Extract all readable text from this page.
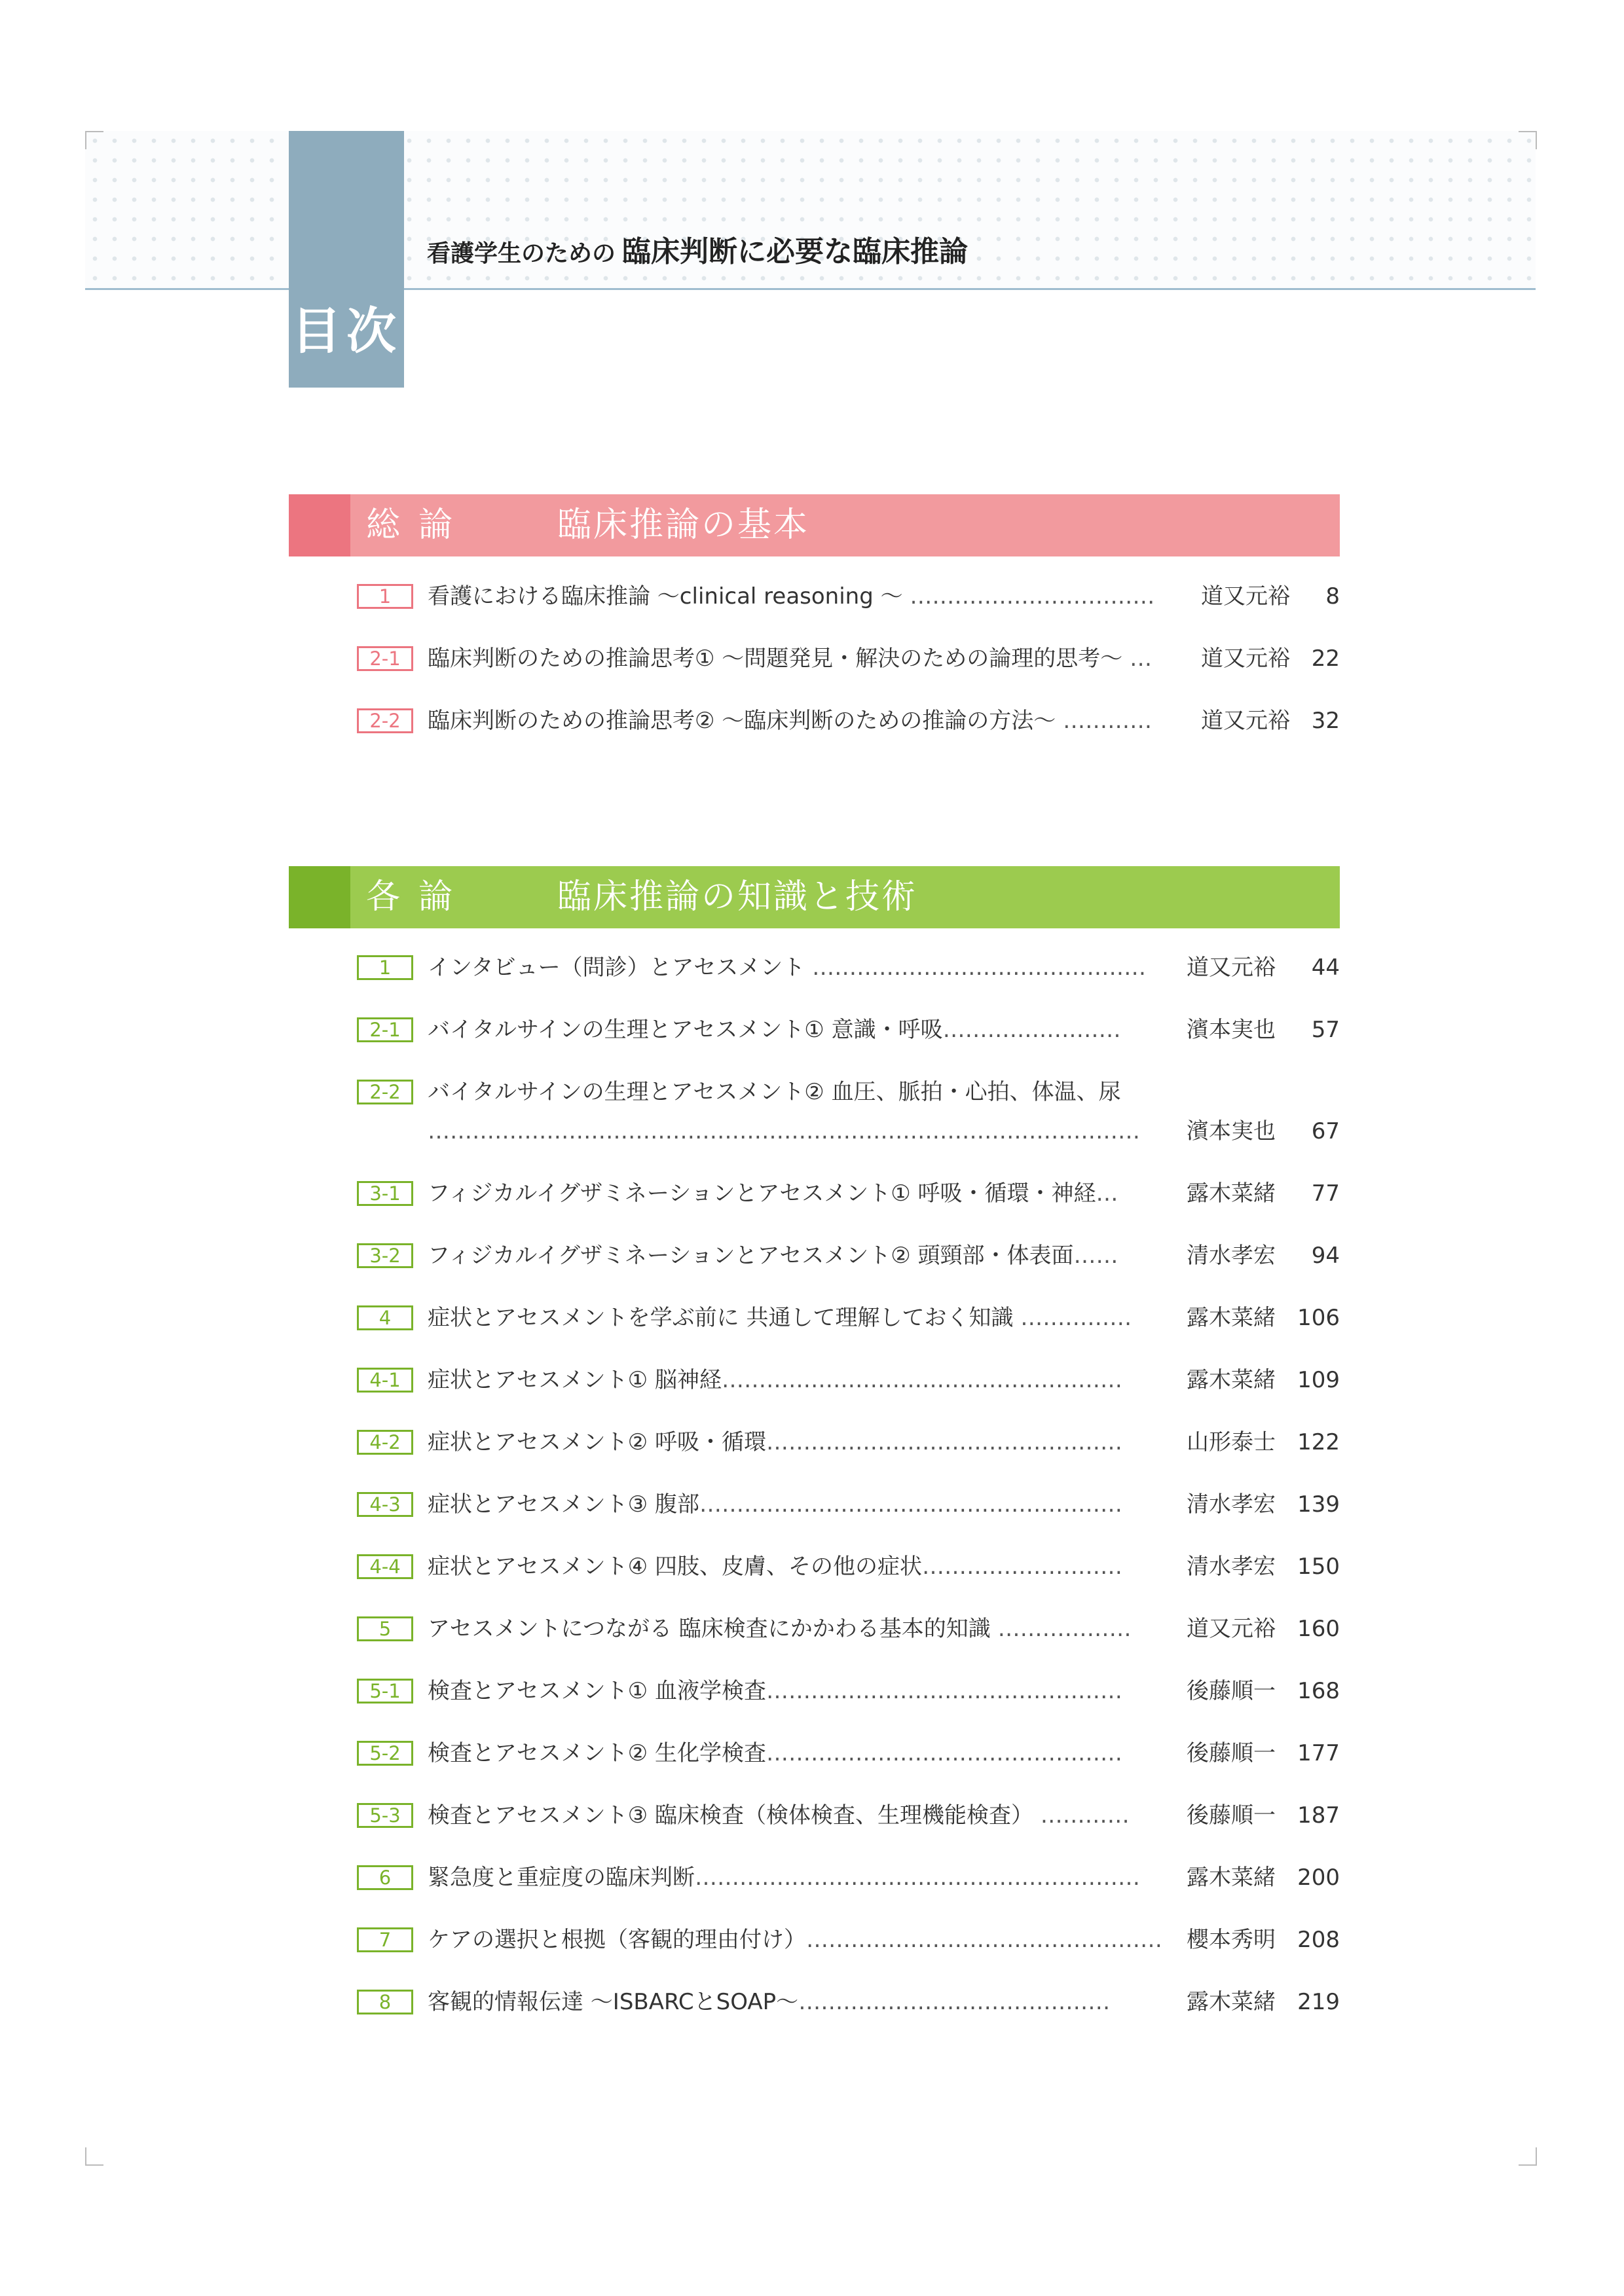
目次
看護学生のための 臨床判断に必要な臨床推論
総論	臨床推論の基本
1	看護における臨床推論 〜clinical reasoning 〜 ……………………………	道又元裕	8
2-1	臨床判断のための推論思考① 〜問題発見・解決のための論理的思考〜 …	道又元裕 22
2-2	臨床判断のための推論思考② 〜臨床判断のための推論の方法〜 …………	道又元裕 32
各論	臨床推論の知識と技術
1	インタビュー（問診）とアセスメント ………………………………………	道又元裕	44
2-1	バイタルサインの生理とアセスメント① 意識・呼吸……………………	濱本実也	57
2-2	バイタルサインの生理とアセスメント② 血圧、脈拍・心拍、体温、尿
……………………………………………………………………………………	濱本実也	67
3-1	フィジカルイグザミネーションとアセスメント① 呼吸・循環・神経…	露木菜緒	77
3-2	フィジカルイグザミネーションとアセスメント② 頭頸部・体表面……	清水孝宏	94
4	症状とアセスメントを学ぶ前に 共通して理解しておく知識 ……………	露木菜緒 106
4-1	症状とアセスメント① 脳神経………………………………………………	露木菜緒 109
4-2	症状とアセスメント② 呼吸・循環…………………………………………	山形泰士 122
4-3	症状とアセスメント③ 腹部…………………………………………………	清水孝宏 139
4-4	症状とアセスメント④ 四肢、皮膚、その他の症状………………………	清水孝宏 150
5	アセスメントにつながる 臨床検査にかかわる基本的知識 ………………	道又元裕 160
5-1	検査とアセスメント① 血液学検査…………………………………………	後藤順一 168
5-2	検査とアセスメント② 生化学検査…………………………………………	後藤順一 177
5-3	検査とアセスメント③ 臨床検査（検体検査、生理機能検査） …………	後藤順一 187
6	緊急度と重症度の臨床判断……………………………………………………	露木菜緒 200
7	ケアの選択と根拠（客観的理由付け）…………………………………………	櫻本秀明 208
8	客観的情報伝達 〜ISBARCとSOAP〜……………………………………	露木菜緒 219
